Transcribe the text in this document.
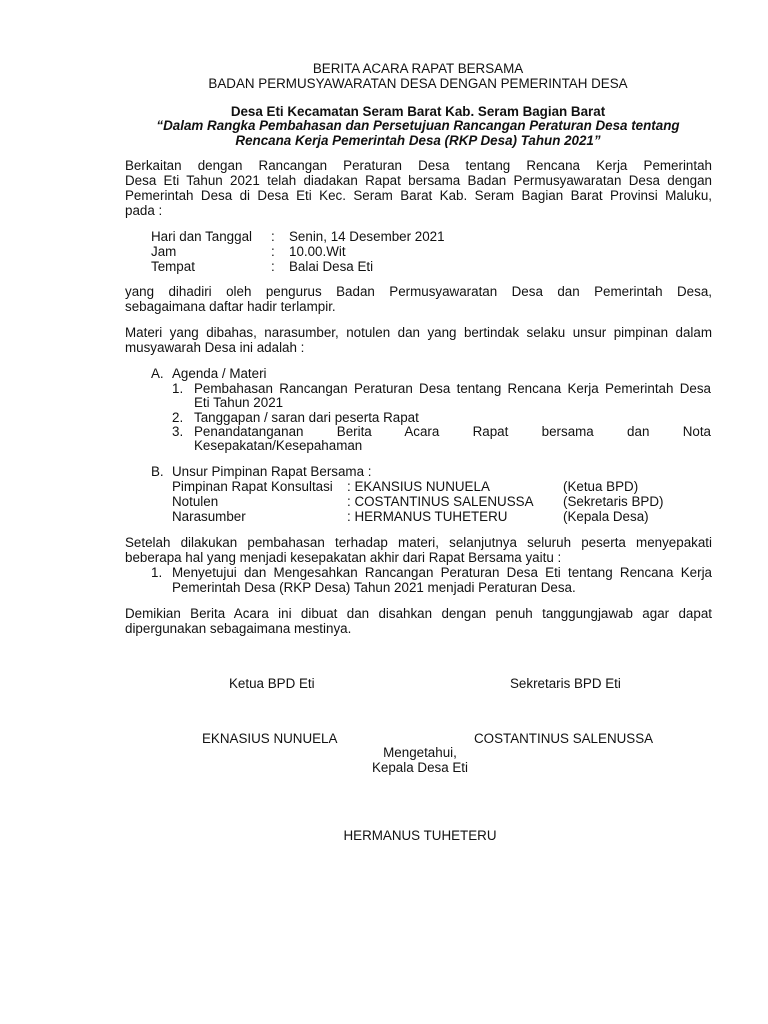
BERITA ACARA RAPAT BERSAMA
BADAN PERMUSYAWARATAN DESA DENGAN PEMERINTAH DESA
Desa Eti Kecamatan Seram Barat Kab. Seram Bagian Barat
“Dalam Rangka Pembahasan dan Persetujuan Rancangan Peraturan Desa tentang
Rencana Kerja Pemerintah Desa (RKP Desa) Tahun 2021”
Berkaitan dengan Rancangan Peraturan Desa tentang Rencana Kerja Pemerintah
Desa Eti Tahun 2021 telah diadakan Rapat bersama Badan Permusyawaratan Desa dengan
Pemerintah Desa di Desa Eti Kec. Seram Barat Kab. Seram Bagian Barat Provinsi Maluku,
pada :
Hari dan Tanggal : Senin, 14 Desember 2021
Jam	: 10.00.Wit
Tempat	: Balai Desa Eti
yang dihadiri oleh pengurus Badan Permusyawaratan Desa dan Pemerintah Desa,
sebagaimana daftar hadir terlampir.
Materi yang dibahas, narasumber, notulen dan yang bertindak selaku unsur pimpinan dalam
musyawarah Desa ini adalah :
A. Agenda / Materi
1. Pembahasan Rancangan Peraturan Desa tentang Rencana Kerja Pemerintah Desa
Eti Tahun 2021
2. Tanggapan / saran dari peserta Rapat
3. Penandatanganan Berita Acara Rapat bersama dan Nota
Kesepakatan/Kesepahaman
B. Unsur Pimpinan Rapat Bersama :
Pimpinan Rapat Konsultasi : EKANSIUS NUNUELA	(Ketua BPD)
Notulen	: COSTANTINUS SALENUSSA (Sekretaris BPD)
Narasumber	: HERMANUS TUHETERU	(Kepala Desa)
Setelah dilakukan pembahasan terhadap materi, selanjutnya seluruh peserta menyepakati
beberapa hal yang menjadi kesepakatan akhir dari Rapat Bersama yaitu :
1. Menyetujui dan Mengesahkan Rancangan Peraturan Desa Eti tentang Rencana Kerja
Pemerintah Desa (RKP Desa) Tahun 2021 menjadi Peraturan Desa.
Demikian Berita Acara ini dibuat dan disahkan dengan penuh tanggungjawab agar dapat
dipergunakan sebagaimana mestinya.
Ketua BPD Eti	Sekretaris BPD Eti
EKNASIUS NUNUELA	COSTANTINUS SALENUSSA
Mengetahui,
Kepala Desa Eti
HERMANUS TUHETERU
